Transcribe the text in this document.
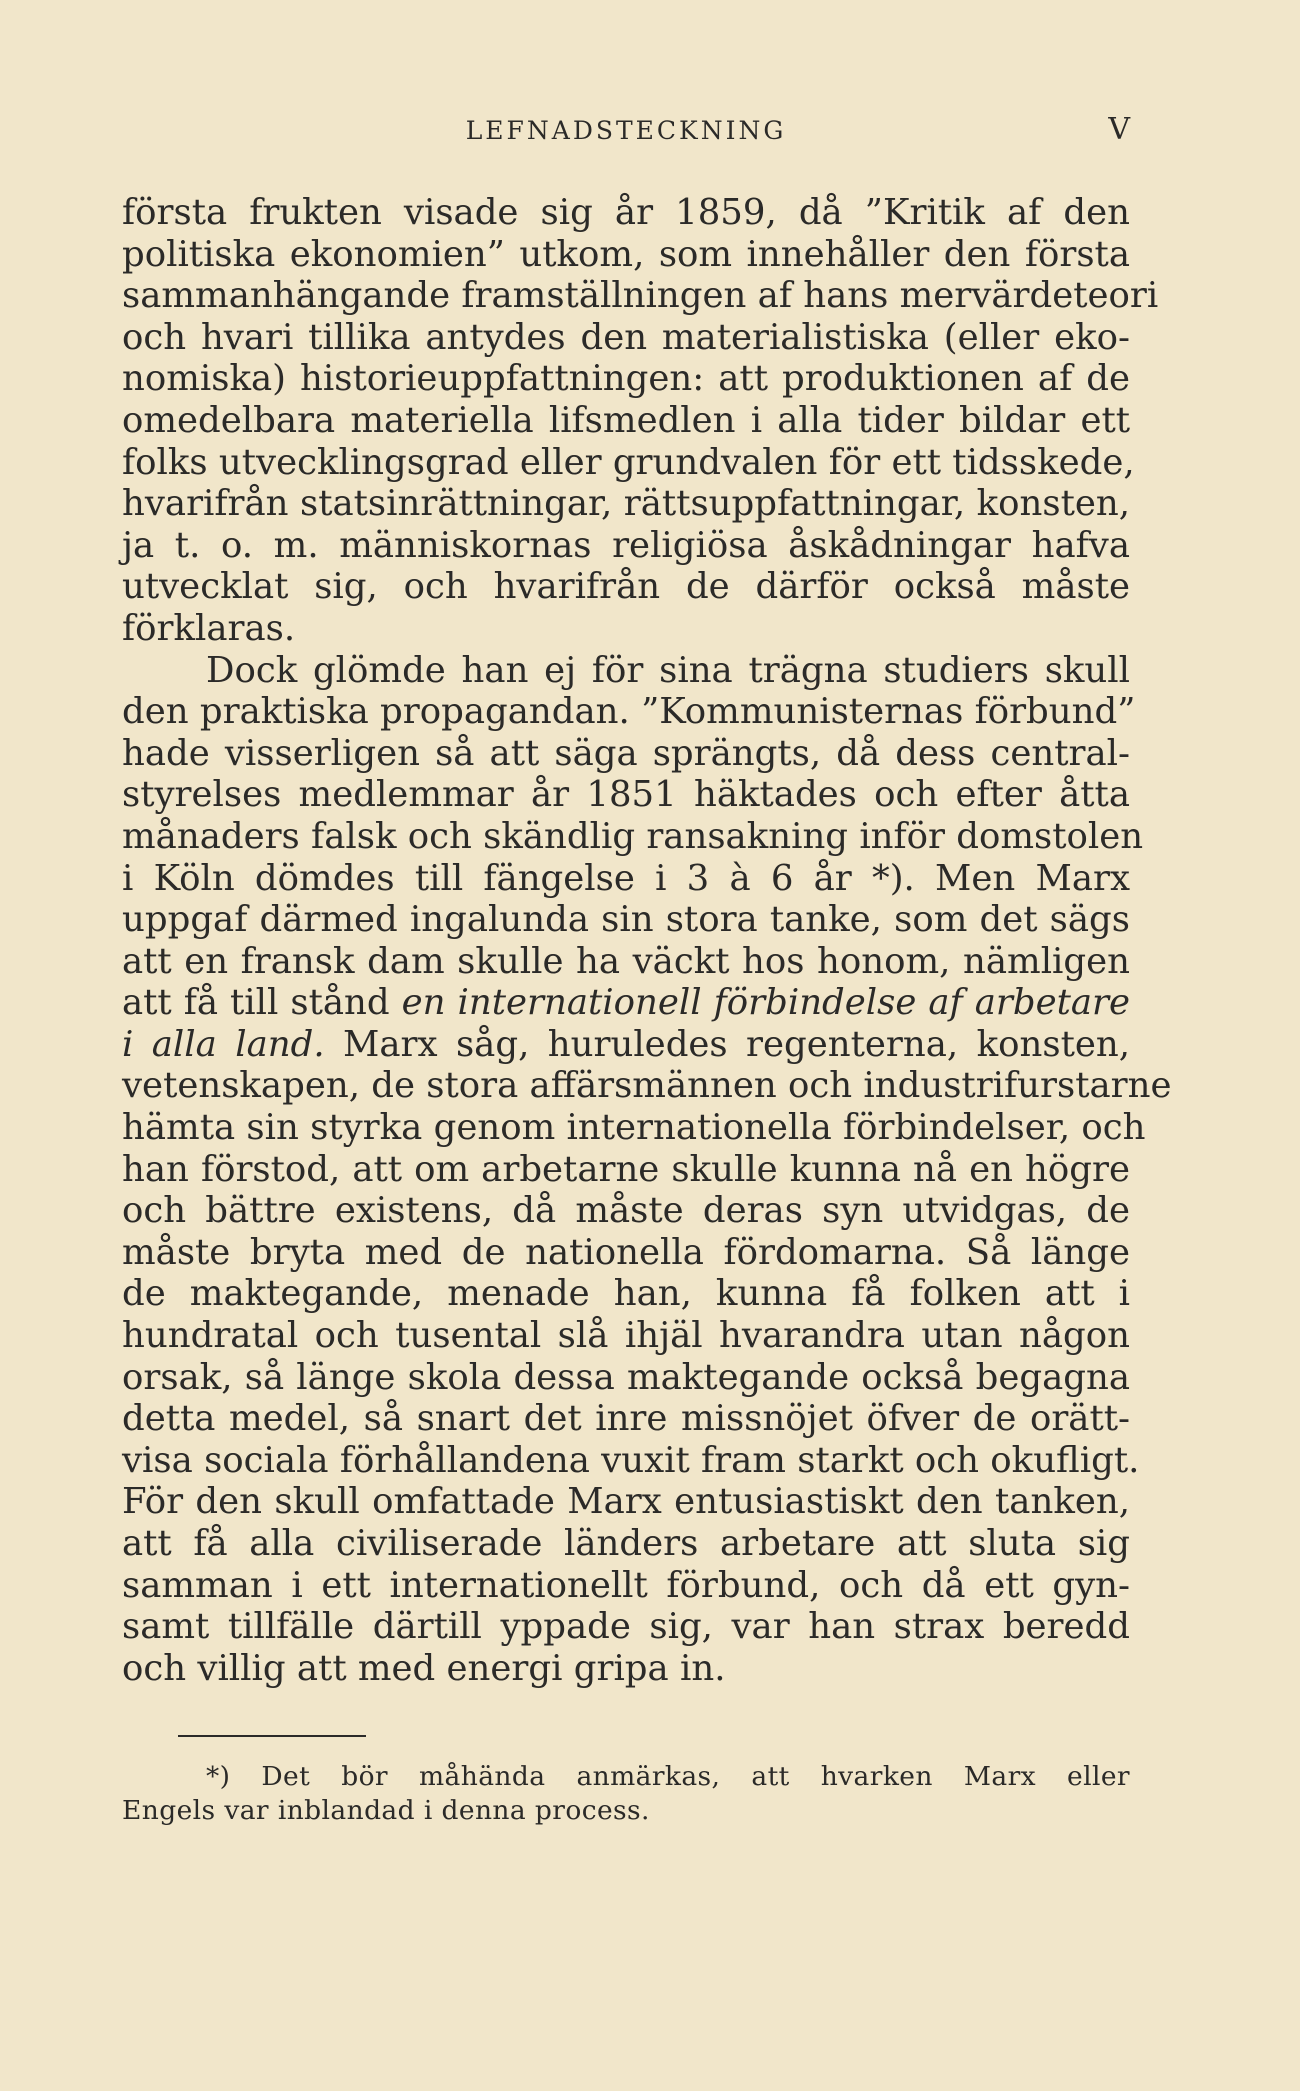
LEFNADSTECKNING	V
första frukten visade sig år 1859, då ”Kritik af den
politiska ekonomien” utkom, som innehåller den första
sammanhängande framställningen af hans mervärdeteori
och hvari tillika antydes den materialistiska (eller eko-
nomiska) historieuppfattningen: att produktionen af de
omedelbara materiella lifsmedlen i alla tider bildar ett
folks utvecklingsgrad eller grundvalen för ett tidsskede,
hvarifrån statsinrättningar, rättsuppfattningar, konsten,
ja t. o. m. människornas religiösa åskådningar hafva
utvecklat sig, och hvarifrån de därför också måste
förklaras.
Dock glömde han ej för sina trägna studiers skull
den praktiska propagandan. ”Kommunisternas förbund”
hade visserligen så att säga sprängts, då dess central-
styrelses medlemmar år 1851 häktades och efter åtta
månaders falsk och skändlig ransakning inför domstolen
i Köln dömdes till fängelse i 3 à 6 år *). Men Marx
uppgaf därmed ingalunda sin stora tanke, som det sägs
att en fransk dam skulle ha väckt hos honom, nämligen
att få till stånd en internationell förbindelse af arbetare
i alla land. Marx såg, huruledes regenterna, konsten,
vetenskapen, de stora affärsmännen och industrifurstarne
hämta sin styrka genom internationella förbindelser, och
han förstod, att om arbetarne skulle kunna nå en högre
och bättre existens, då måste deras syn utvidgas, de
måste bryta med de nationella fördomarna. Så länge
de maktegande, menade han, kunna få folken att i
hundratal och tusental slå ihjäl hvarandra utan någon
orsak, så länge skola dessa maktegande också begagna
detta medel, så snart det inre missnöjet öfver de orätt-
visa sociala förhållandena vuxit fram starkt och okufligt.
För den skull omfattade Marx entusiastiskt den tanken,
att få alla civiliserade länders arbetare att sluta sig
samman i ett internationellt förbund, och då ett gyn-
samt tillfälle därtill yppade sig, var han strax beredd
och villig att med energi gripa in.
*) Det bör måhända anmärkas, att hvarken Marx eller
Engels var inblandad i denna process.
